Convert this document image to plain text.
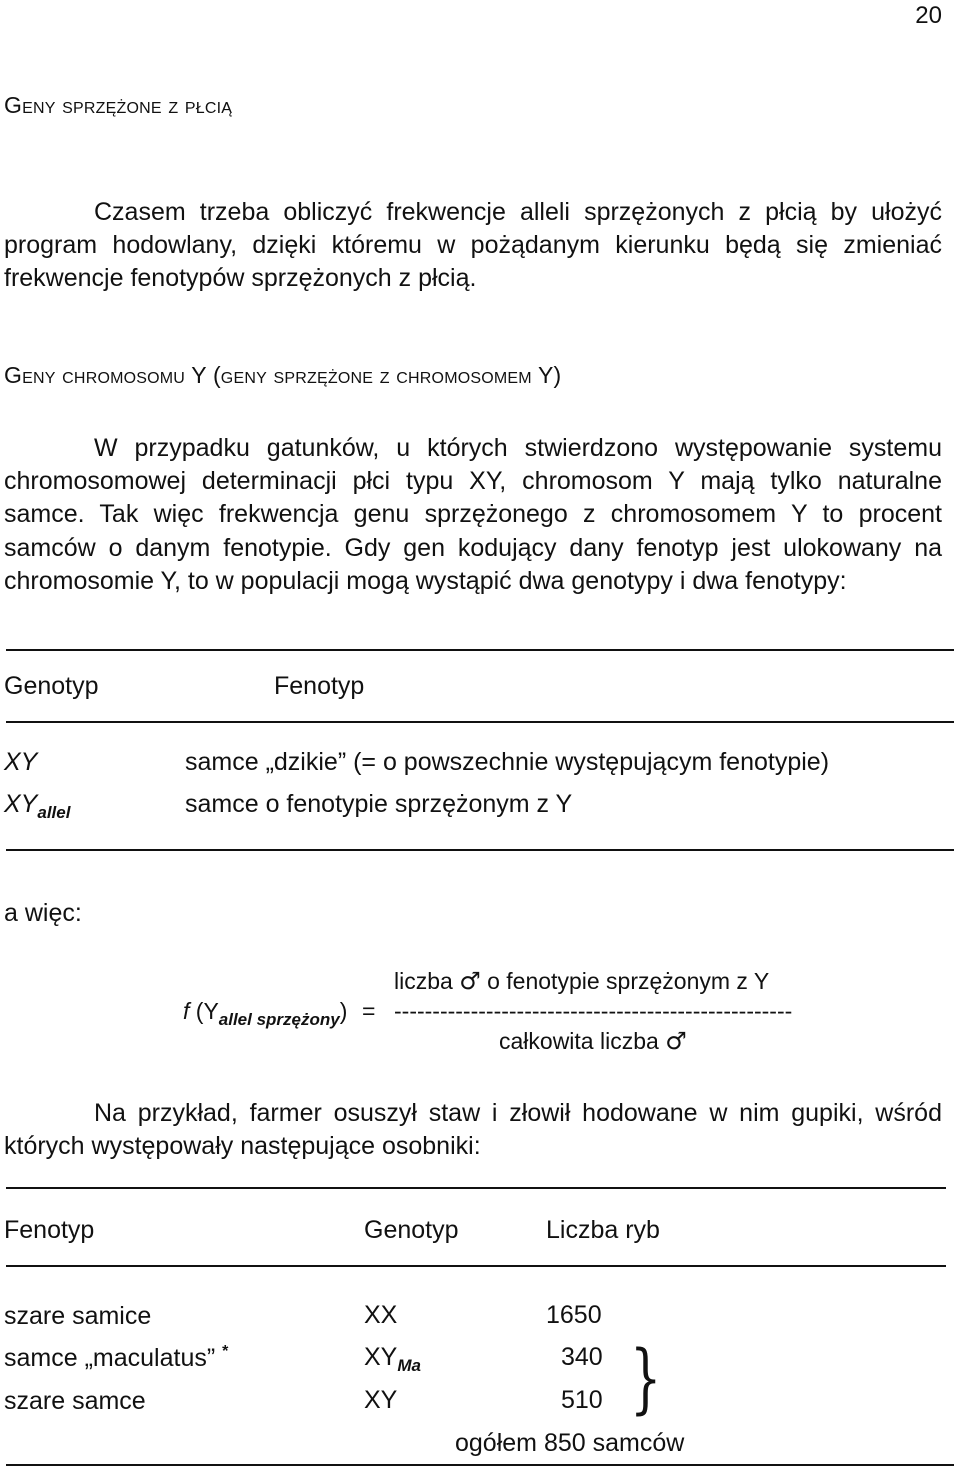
20
Geny sprzężone z płcią
Czasem trzeba obliczyć frekwencje alleli sprzężonych z płcią by ułożyć program hodowlany, dzięki któremu w pożądanym kierunku będą się zmieniać frekwencje fenotypów sprzężonych z płcią.
Geny chromosomu Y (geny sprzężone z chromosomem Y)
W przypadku gatunków, u których stwierdzono występowanie systemu chromosomowej determinacji płci typu XY, chromosom Y mają tylko naturalne samce. Tak więc frekwencja genu sprzężonego z chromosomem Y to procent samców o danym fenotypie. Gdy gen kodujący dany fenotyp jest ulokowany na chromosomie Y, to w populacji mogą wystąpić dwa genotypy i dwa fenotypy:
Genotyp	Fenotyp
XY	samce „dzikie” (= o powszechnie występującym fenotypie)
$XY_{allel}$	samce o fenotypie sprzężonym z Y
a więc:
liczba ♂ o fenotypie sprzężonym z Y
f $(Y_{allel sprzężony})$ = ----------------------------------------------------
całkowita liczba ♂
Na przykład, farmer osuszył staw i złowił hodowane w nim gupiki, wśród których występowały następujące osobniki:
Fenotyp	Genotyp	Liczba ryb
szare samice	XX	1650
samce „maculatus” *	$XY_{Ma}$	340
szare samce	XY	510 }
ogółem 850 samców
